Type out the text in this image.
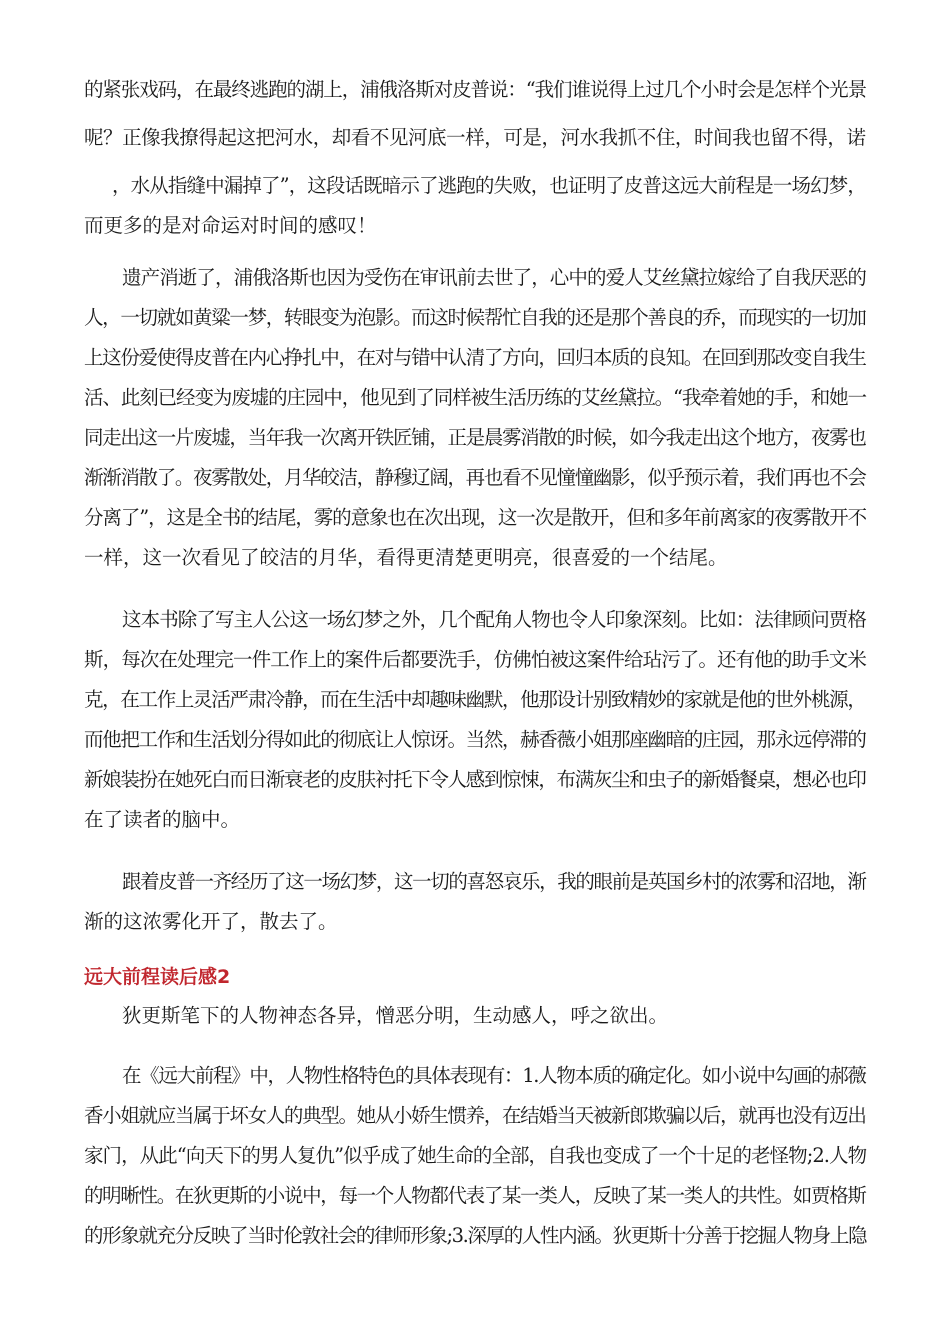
的紧张戏码，在最终逃跑的湖上，浦俄洛斯对皮普说：“我们谁说得上过几个小时会是怎样个光景
呢？正像我撩得起这把河水，却看不见河底一样，可是，河水我抓不住，时间我也留不得，诺
，水从指缝中漏掉了”，这段话既暗示了逃跑的失败，也证明了皮普这远大前程是一场幻梦，
而更多的是对命运对时间的感叹！
遗产消逝了，浦俄洛斯也因为受伤在审讯前去世了，心中的爱人艾丝黛拉嫁给了自我厌恶的
人，一切就如黄粱一梦，转眼变为泡影。而这时候帮忙自我的还是那个善良的乔，而现实的一切加
上这份爱使得皮普在内心挣扎中，在对与错中认清了方向，回归本质的良知。在回到那改变自我生
活、此刻已经变为废墟的庄园中，他见到了同样被生活历练的艾丝黛拉。“我牵着她的手，和她一
同走出这一片废墟，当年我一次离开铁匠铺，正是晨雾消散的时候，如今我走出这个地方，夜雾也
渐渐消散了。夜雾散处，月华皎洁，静穆辽阔，再也看不见憧憧幽影，似乎预示着，我们再也不会
分离了”，这是全书的结尾，雾的意象也在次出现，这一次是散开，但和多年前离家的夜雾散开不
一样，这一次看见了皎洁的月华，看得更清楚更明亮，很喜爱的一个结尾。
这本书除了写主人公这一场幻梦之外，几个配角人物也令人印象深刻。比如：法律顾问贾格
斯，每次在处理完一件工作上的案件后都要洗手，仿佛怕被这案件给玷污了。还有他的助手文米
克，在工作上灵活严肃冷静，而在生活中却趣味幽默，他那设计别致精妙的家就是他的世外桃源，
而他把工作和生活划分得如此的彻底让人惊讶。当然，赫香薇小姐那座幽暗的庄园，那永远停滞的
新娘装扮在她死白而日渐衰老的皮肤衬托下令人感到惊悚，布满灰尘和虫子的新婚餐桌，想必也印
在了读者的脑中。
跟着皮普一齐经历了这一场幻梦，这一切的喜怒哀乐，我的眼前是英国乡村的浓雾和沼地，渐
渐的这浓雾化开了，散去了。
远大前程读后感2
狄更斯笔下的人物神态各异，憎恶分明，生动感人，呼之欲出。
在《远大前程》中，人物性格特色的具体表现有：1.人物本质的确定化。如小说中勾画的郝薇
香小姐就应当属于坏女人的典型。她从小娇生惯养，在结婚当天被新郎欺骗以后，就再也没有迈出
家门，从此“向天下的男人复仇”似乎成了她生命的全部，自我也变成了一个十足的老怪物;2.人物
的明晰性。在狄更斯的小说中，每一个人物都代表了某一类人，反映了某一类人的共性。如贾格斯
的形象就充分反映了当时伦敦社会的律师形象;3.深厚的人性内涵。狄更斯十分善于挖掘人物身上隐
